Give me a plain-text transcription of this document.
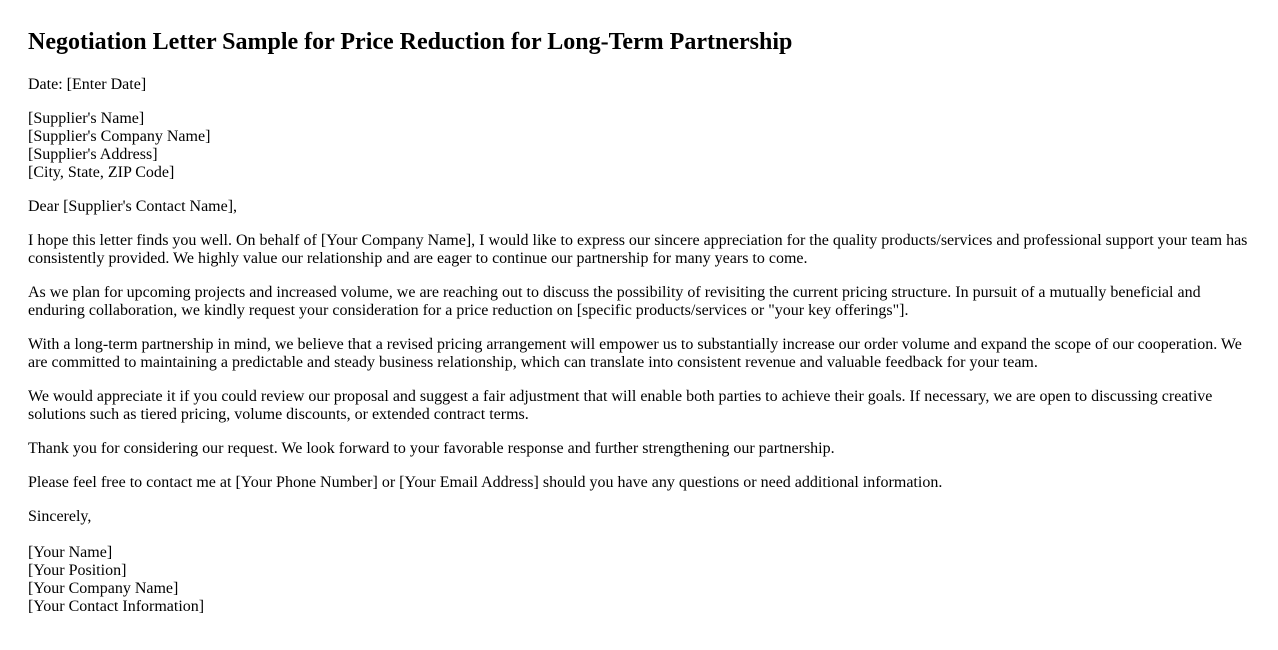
Negotiation Letter Sample for Price Reduction for Long-Term Partnership

Date: [Enter Date]

[Supplier's Name]
[Supplier's Company Name]
[Supplier's Address]
[City, State, ZIP Code]

Dear [Supplier's Contact Name],

I hope this letter finds you well. On behalf of [Your Company Name], I would like to express our sincere appreciation for the quality products/services and professional support your team has consistently provided. We highly value our relationship and are eager to continue our partnership for many years to come.

As we plan for upcoming projects and increased volume, we are reaching out to discuss the possibility of revisiting the current pricing structure. In pursuit of a mutually beneficial and enduring collaboration, we kindly request your consideration for a price reduction on [specific products/services or "your key offerings"].

With a long-term partnership in mind, we believe that a revised pricing arrangement will empower us to substantially increase our order volume and expand the scope of our cooperation. We are committed to maintaining a predictable and steady business relationship, which can translate into consistent revenue and valuable feedback for your team.

We would appreciate it if you could review our proposal and suggest a fair adjustment that will enable both parties to achieve their goals. If necessary, we are open to discussing creative solutions such as tiered pricing, volume discounts, or extended contract terms.

Thank you for considering our request. We look forward to your favorable response and further strengthening our partnership.

Please feel free to contact me at [Your Phone Number] or [Your Email Address] should you have any questions or need additional information.

Sincerely,

[Your Name]
[Your Position]
[Your Company Name]
[Your Contact Information]
